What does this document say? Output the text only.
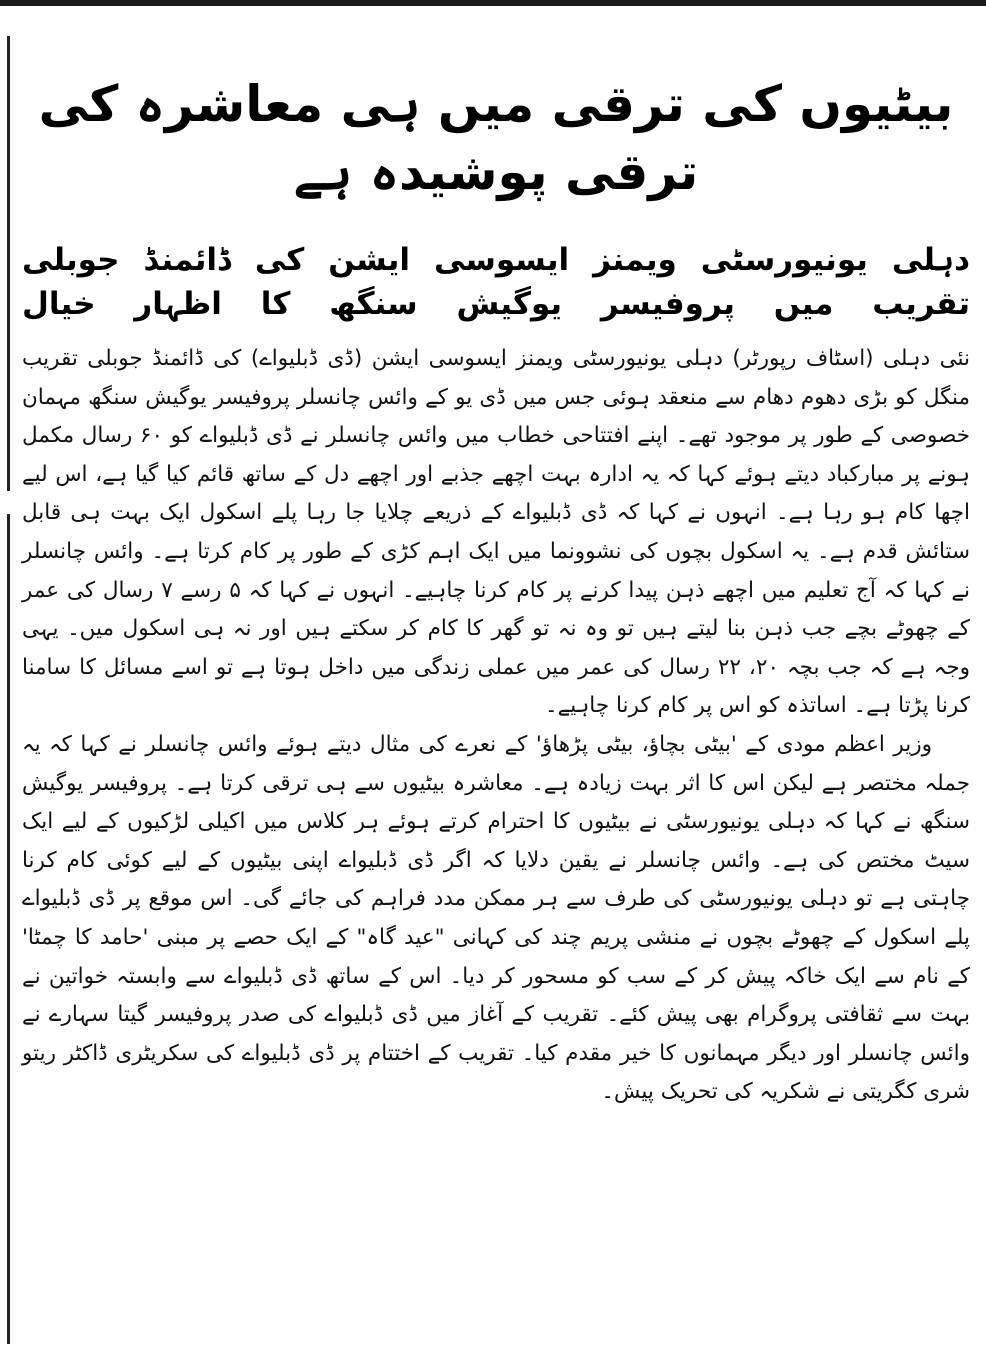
بیٹیوں کی ترقی میں ہی معاشرہ کی ترقی پوشیدہ ہے
دہلی یونیورسٹی ویمنز ایسوسی ایشن کی ڈائمنڈ جوبلی تقریب میں پروفیسر یوگیش سنگھ کا اظہار خیال

نئی دہلی (اسٹاف رپورٹر) دہلی یونیورسٹی ویمنز ایسوسی ایشن (ڈی ڈبلیواے) کی ڈائمنڈ جوبلی تقریب منگل کو بڑی دھوم دھام سے منعقد ہوئی جس میں ڈی یو کے وائس چانسلر پروفیسر یوگیش سنگھ مہمان خصوصی کے طور پر موجود تھے۔ اپنے افتتاحی خطاب میں وائس چانسلر نے ڈی ڈبلیواے کو ۶۰ رسال مکمل ہونے پر مبارکباد دیتے ہوئے کہا کہ یہ ادارہ بہت اچھے جذبے اور اچھے دل کے ساتھ قائم کیا گیا ہے، اس لیے اچھا کام ہو رہا ہے۔ انہوں نے کہا کہ ڈی ڈبلیواے کے ذریعے چلایا جا رہا پلے اسکول ایک بہت ہی قابل ستائش قدم ہے۔ یہ اسکول بچوں کی نشوونما میں ایک اہم کڑی کے طور پر کام کرتا ہے۔ وائس چانسلر نے کہا کہ آج تعلیم میں اچھے ذہن پیدا کرنے پر کام کرنا چاہیے۔ انہوں نے کہا کہ ۵ رسے ۷ رسال کی عمر کے چھوٹے بچے جب ذہن بنا لیتے ہیں تو وہ نہ تو گھر کا کام کر سکتے ہیں اور نہ ہی اسکول میں۔ یہی وجہ ہے کہ جب بچہ ۲۰، ۲۲ رسال کی عمر میں عملی زندگی میں داخل ہوتا ہے تو اسے مسائل کا سامنا کرنا پڑتا ہے۔ اساتذہ کو اس پر کام کرنا چاہیے۔

وزیر اعظم مودی کے 'بیٹی بچاؤ، بیٹی پڑھاؤ' کے نعرے کی مثال دیتے ہوئے وائس چانسلر نے کہا کہ یہ جملہ مختصر ہے لیکن اس کا اثر بہت زیادہ ہے۔ معاشرہ بیٹیوں سے ہی ترقی کرتا ہے۔ پروفیسر یوگیش سنگھ نے کہا کہ دہلی یونیورسٹی نے بیٹیوں کا احترام کرتے ہوئے ہر کلاس میں اکیلی لڑکیوں کے لیے ایک سیٹ مختص کی ہے۔ وائس چانسلر نے یقین دلایا کہ اگر ڈی ڈبلیواے اپنی بیٹیوں کے لیے کوئی کام کرنا چاہتی ہے تو دہلی یونیورسٹی کی طرف سے ہر ممکن مدد فراہم کی جائے گی۔ اس موقع پر ڈی ڈبلیواے پلے اسکول کے چھوٹے بچوں نے منشی پریم چند کی کہانی "عید گاہ" کے ایک حصے پر مبنی 'حامد کا چمٹا' کے نام سے ایک خاکہ پیش کر کے سب کو مسحور کر دیا۔ اس کے ساتھ ڈی ڈبلیواے سے وابستہ خواتین نے بہت سے ثقافتی پروگرام بھی پیش کئے۔ تقریب کے آغاز میں ڈی ڈبلیواے کی صدر پروفیسر گیتا سہارے نے وائس چانسلر اور دیگر مہمانوں کا خیر مقدم کیا۔ تقریب کے اختتام پر ڈی ڈبلیواے کی سکریٹری ڈاکٹر ریتو شری کگریتی نے شکریہ کی تحریک پیش۔
